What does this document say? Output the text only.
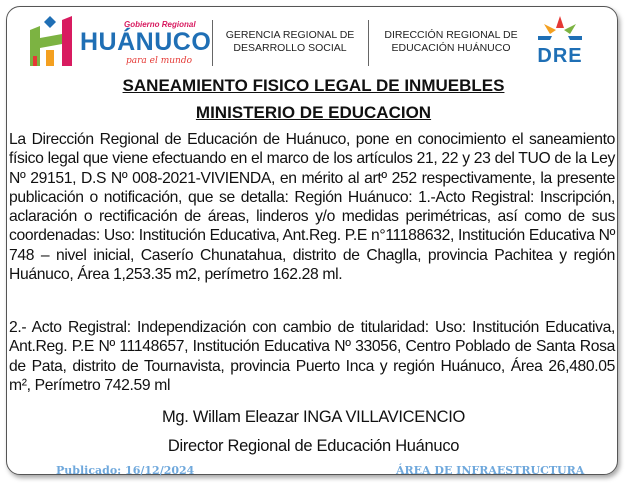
Gobierno Regional
HUÁNUCO
para el mundo
GERENCIA REGIONAL DE
DESARROLLO SOCIAL
DIRECCIÓN REGIONAL DE
EDUCACIÓN HUÁNUCO	DRE
SANEAMIENTO FISICO LEGAL DE INMUEBLES
MINISTERIO DE EDUCACION
La Dirección Regional de Educación de Huánuco, pone en conocimiento el saneamiento físico legal que viene efectuando en el marco de los artículos 21, 22 y 23 del TUO de la Ley Nº 29151, D.S Nº 008-2021-VIVIENDA, en mérito al artº 252 respectivamente, la presente publicación o notificación, que se detalla: Región Huánuco: 1.-Acto Registral: Inscripción, aclaración o rectificación de áreas, linderos y/o medidas perimétricas, así como de sus coordenadas: Uso: Institución Educativa, Ant.Reg. P.E n°11188632, Institución Educativa Nº 748 – nivel inicial, Caserío Chunatahua, distrito de Chaglla, provincia Pachitea y región Huánuco, Área 1,253.35 m2, perímetro 162.28 ml.
2.- Acto Registral: Independización con cambio de titularidad: Uso: Institución Educativa, Ant.Reg. P.E Nº 11148657, Institución Educativa Nº 33056, Centro Poblado de Santa Rosa de Pata, distrito de Tournavista, provincia Puerto Inca y región Huánuco, Área 26,480.05 m², Perímetro 742.59 ml
Mg. Willam Eleazar INGA VILLAVICENCIO
Director Regional de Educación Huánuco
Publicado: 16/12/2024	ÁREA DE INFRAESTRUCTURA
